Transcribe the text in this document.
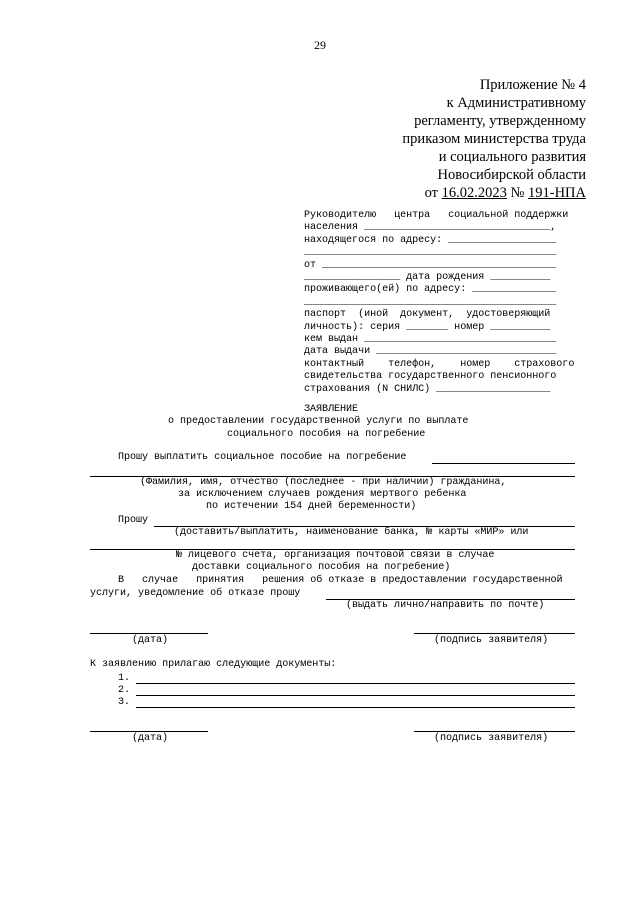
29
Приложение № 4
к Административному
регламенту, утвержденному
приказом министерства труда
и социального развития
Новосибирской области
от 16.02.2023 № 191-НПА
Руководителю   центра   социальной поддержки
населения _______________________________,
находящегося по адресу: __________________
__________________________________________
от _______________________________________
________________ дата рождения __________
проживающего(ей) по адресу: ______________
__________________________________________
паспорт  (иной  документ,  удостоверяющий
личность): серия _______ номер __________
кем выдан ________________________________
дата выдачи ______________________________
контактный    телефон,    номер    страхового
свидетельства государственного пенсионного
страхования (N СНИЛС) ___________________
ЗАЯВЛЕНИЕ
о предоставлении государственной услуги по выплате
социального пособия на погребение
Прошу выплатить социальное пособие на погребение
(Фамилия, имя, отчество (последнее - при наличии) гражданина,
за исключением случаев рождения мертвого ребенка
по истечении 154 дней беременности)
Прошу
(доставить/выплатить, наименование банка, № карты «МИР» или
№ лицевого счета, организация почтовой связи в случае
доставки социального пособия на погребение)
В   случае   принятия   решения об отказе в предоставлении государственной
услуги, уведомление об отказе прошу
(выдать лично/направить по почте)
(дата)	(подпись заявителя)
К заявлению прилагаю следующие документы:
1.
2.
3.
(дата)	(подпись заявителя)
